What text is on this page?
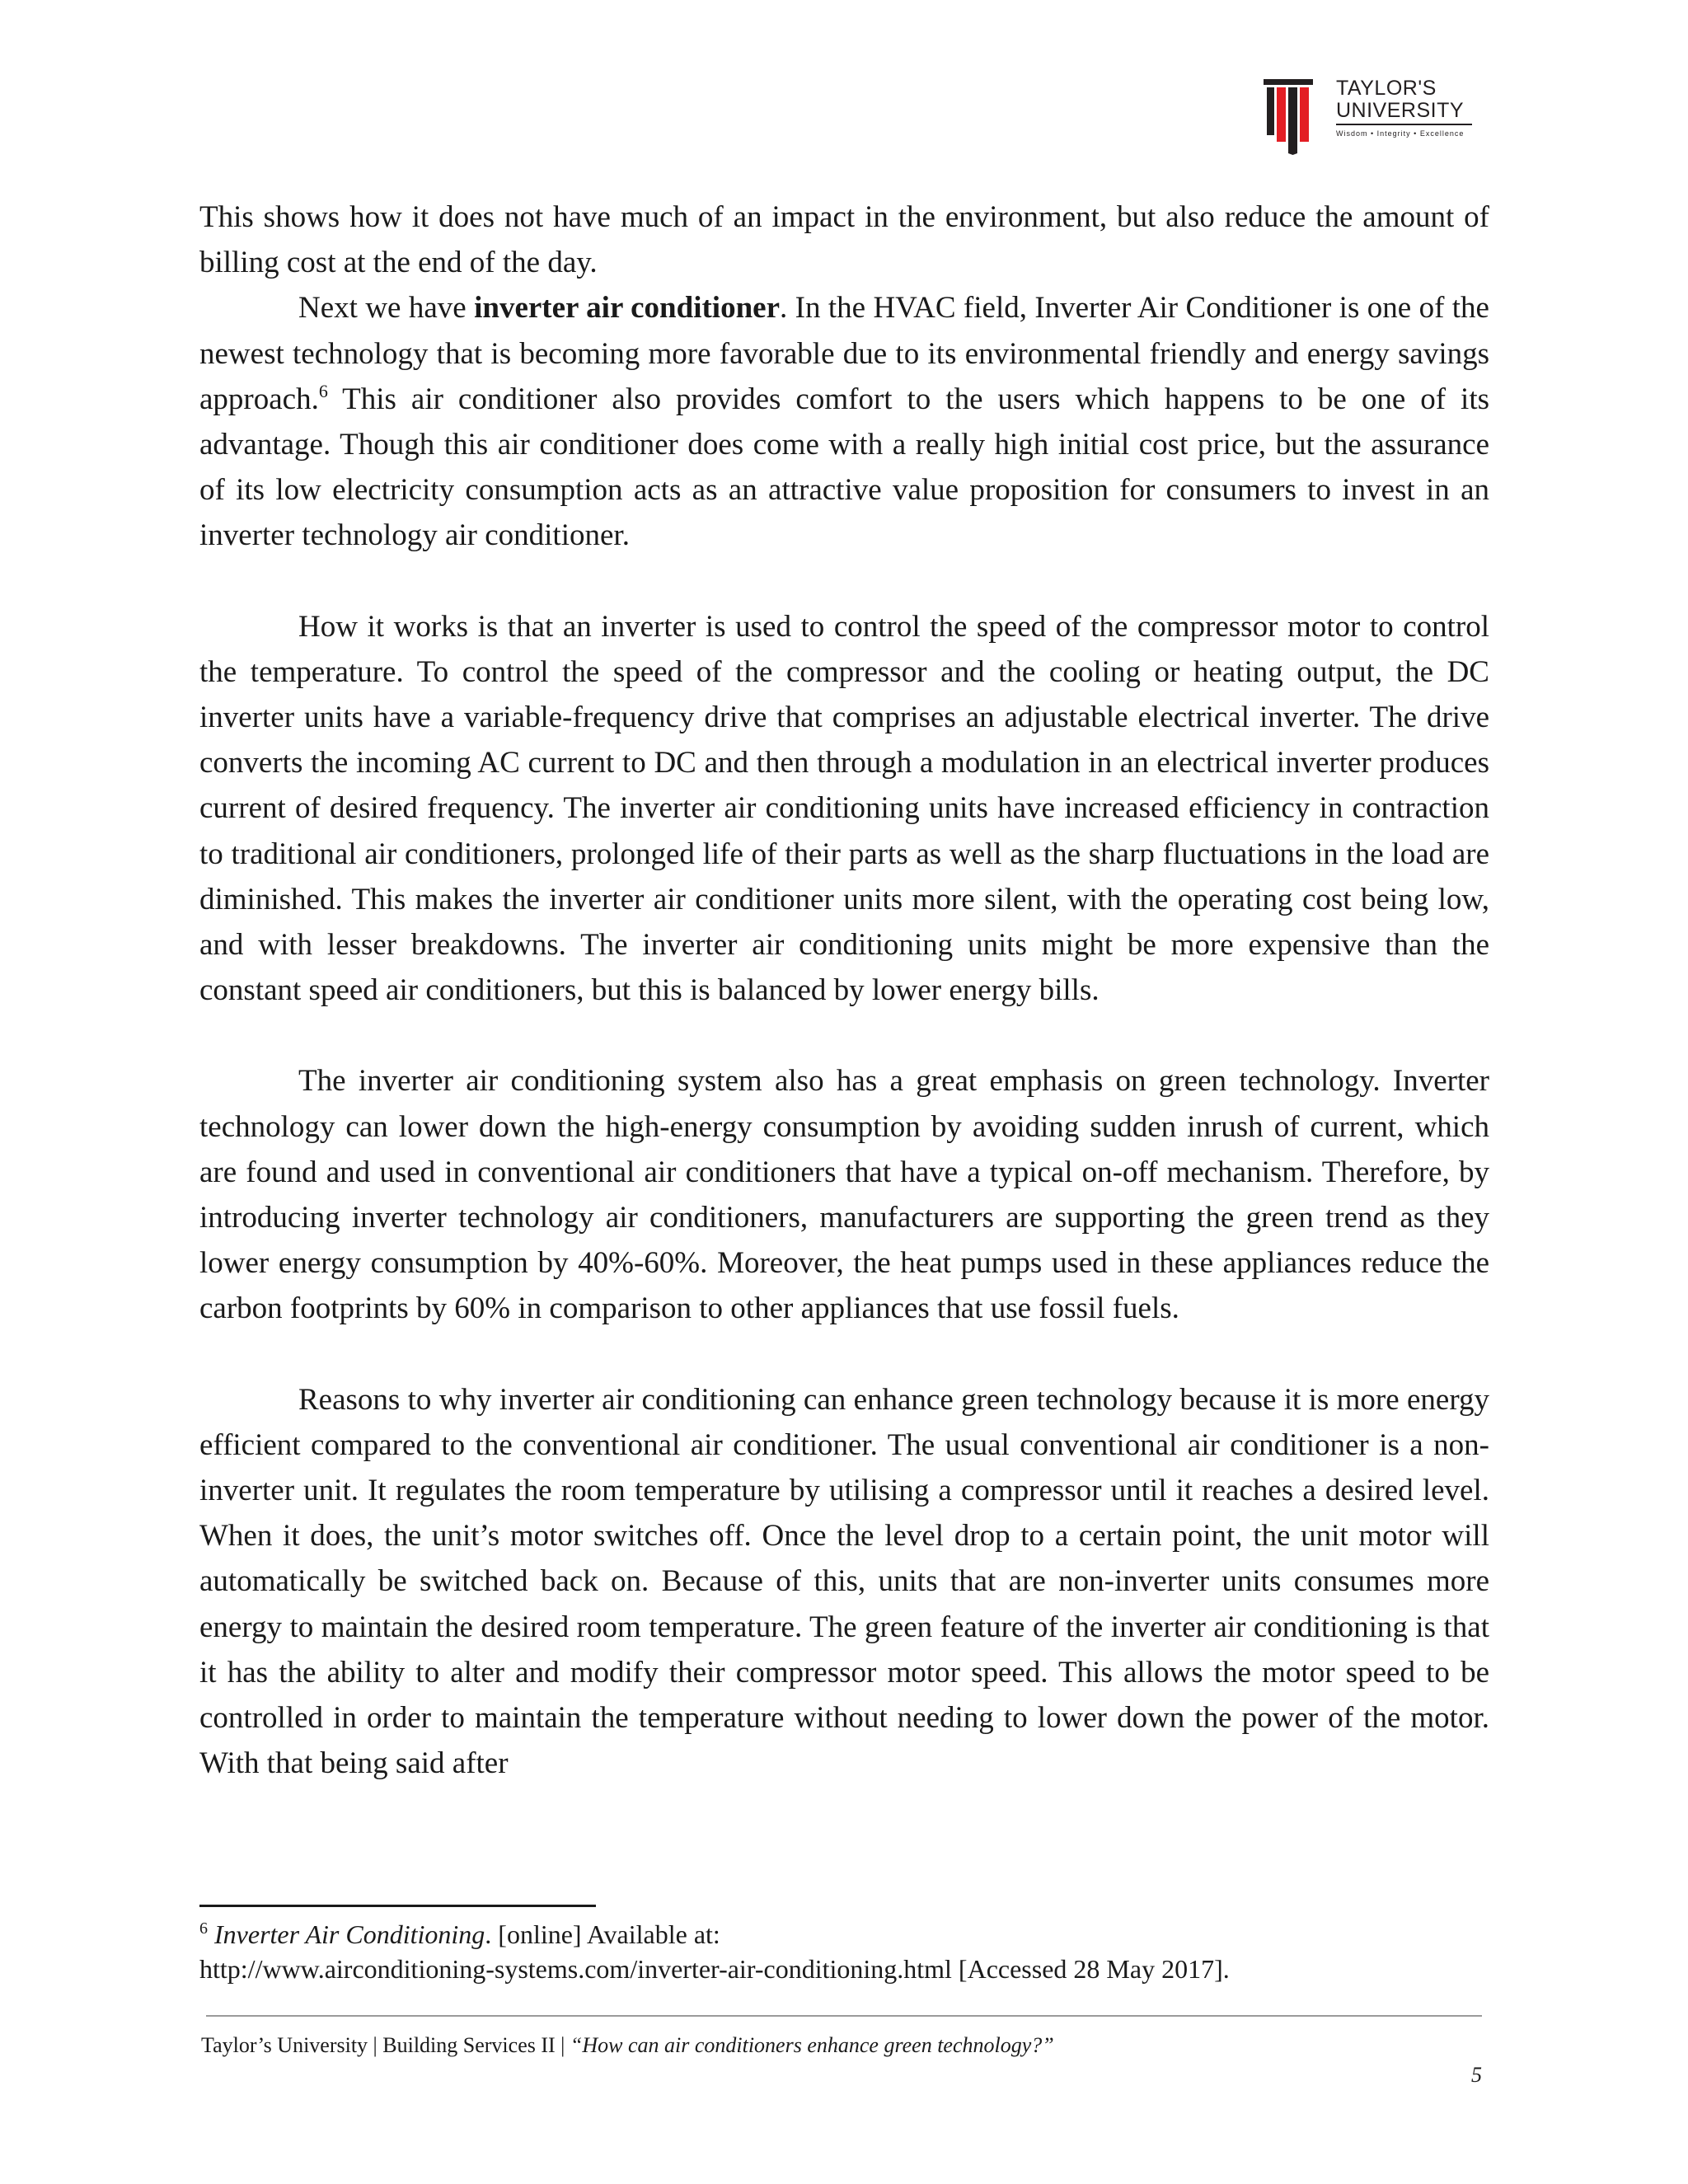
TAYLOR'S
UNIVERSITY
Wisdom • Integrity • Excellence

This shows how it does not have much of an impact in the environment, but also reduce the amount of billing cost at the end of the day.

Next we have inverter air conditioner. In the HVAC field, Inverter Air Conditioner is one of the newest technology that is becoming more favorable due to its environmental friendly and energy savings approach.$^6$ This air conditioner also provides comfort to the users which happens to be one of its advantage. Though this air conditioner does come with a really high initial cost price, but the assurance of its low electricity consumption acts as an attractive value proposition for consumers to invest in an inverter technology air conditioner.

How it works is that an inverter is used to control the speed of the compressor motor to control the temperature. To control the speed of the compressor and the cooling or heating output, the DC inverter units have a variable-frequency drive that comprises an adjustable electrical inverter. The drive converts the incoming AC current to DC and then through a modulation in an electrical inverter produces current of desired frequency. The inverter air conditioning units have increased efficiency in contraction to traditional air conditioners, prolonged life of their parts as well as the sharp fluctuations in the load are diminished. This makes the inverter air conditioner units more silent, with the operating cost being low, and with lesser breakdowns. The inverter air conditioning units might be more expensive than the constant speed air conditioners, but this is balanced by lower energy bills.

The inverter air conditioning system also has a great emphasis on green technology. Inverter technology can lower down the high-energy consumption by avoiding sudden inrush of current, which are found and used in conventional air conditioners that have a typical on-off mechanism. Therefore, by introducing inverter technology air conditioners, manufacturers are supporting the green trend as they lower energy consumption by 40%-60%. Moreover, the heat pumps used in these appliances reduce the carbon footprints by 60% in comparison to other appliances that use fossil fuels.

Reasons to why inverter air conditioning can enhance green technology because it is more energy efficient compared to the conventional air conditioner. The usual conventional air conditioner is a non-inverter unit. It regulates the room temperature by utilising a compressor until it reaches a desired level. When it does, the unit’s motor switches off. Once the level drop to a certain point, the unit motor will automatically be switched back on. Because of this, units that are non-inverter units consumes more energy to maintain the desired room temperature. The green feature of the inverter air conditioning is that it has the ability to alter and modify their compressor motor speed. This allows the motor speed to be controlled in order to maintain the temperature without needing to lower down the power of the motor. With that being said after

$^6$ Inverter Air Conditioning. [online] Available at:
http://www.airconditioning-systems.com/inverter-air-conditioning.html [Accessed 28 May 2017].
Taylor’s University | Building Services II | “How can air conditioners enhance green technology?”
5
